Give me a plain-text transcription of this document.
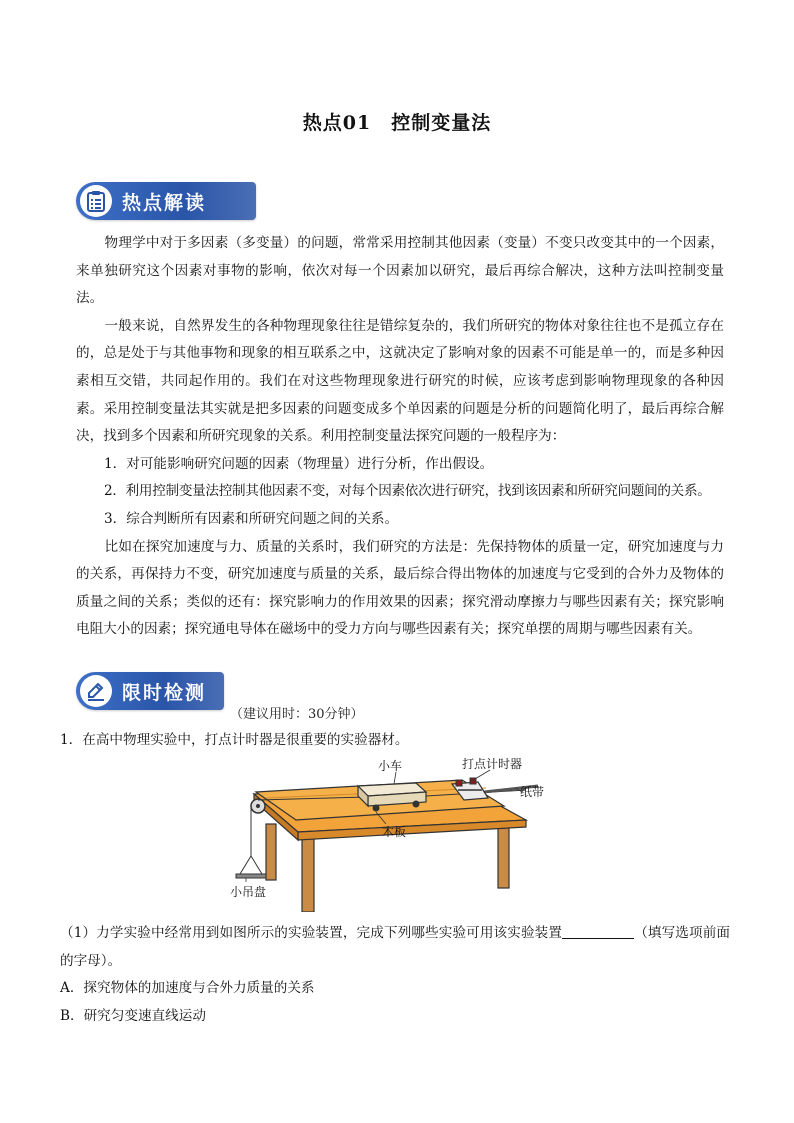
热点01　控制变量法
热点解读

物理学中对于多因素（多变量）的问题，常常采用控制其他因素（变量）不变只改变其中的一个因素，来单独研究这个因素对事物的影响，依次对每一个因素加以研究，最后再综合解决，这种方法叫控制变量法。

一般来说，自然界发生的各种物理现象往往是错综复杂的，我们所研究的物体对象往往也不是孤立存在的，总是处于与其他事物和现象的相互联系之中，这就决定了影响对象的因素不可能是单一的，而是多种因素相互交错，共同起作用的。我们在对这些物理现象进行研究的时候，应该考虑到影响物理现象的各种因素。采用控制变量法其实就是把多因素的问题变成多个单因素的问题是分析的问题简化明了，最后再综合解决，找到多个因素和所研究现象的关系。利用控制变量法探究问题的一般程序为：

1．对可能影响研究问题的因素（物理量）进行分析，作出假设。

2．利用控制变量法控制其他因素不变，对每个因素依次进行研究，找到该因素和所研究问题间的关系。

3．综合判断所有因素和所研究问题之间的关系。

比如在探究加速度与力、质量的关系时，我们研究的方法是：先保持物体的质量一定，研究加速度与力的关系，再保持力不变，研究加速度与质量的关系，最后综合得出物体的加速度与它受到的合外力及物体的质量之间的关系；类似的还有：探究影响力的作用效果的因素；探究滑动摩擦力与哪些因素有关；探究影响电阻大小的因素；探究通电导体在磁场中的受力方向与哪些因素有关；探究单摆的周期与哪些因素有关。

限时检测
（建议用时：30分钟）

1．在高中物理实验中，打点计时器是很重要的实验器材。

小车	打点计时器
纸带
木板
小吊盘

（1）力学实验中经常用到如图所示的实验装置，完成下列哪些实验可用该实验装置	（填写选项前面的字母）。

A．探究物体的加速度与合外力质量的关系

B．研究匀变速直线运动
